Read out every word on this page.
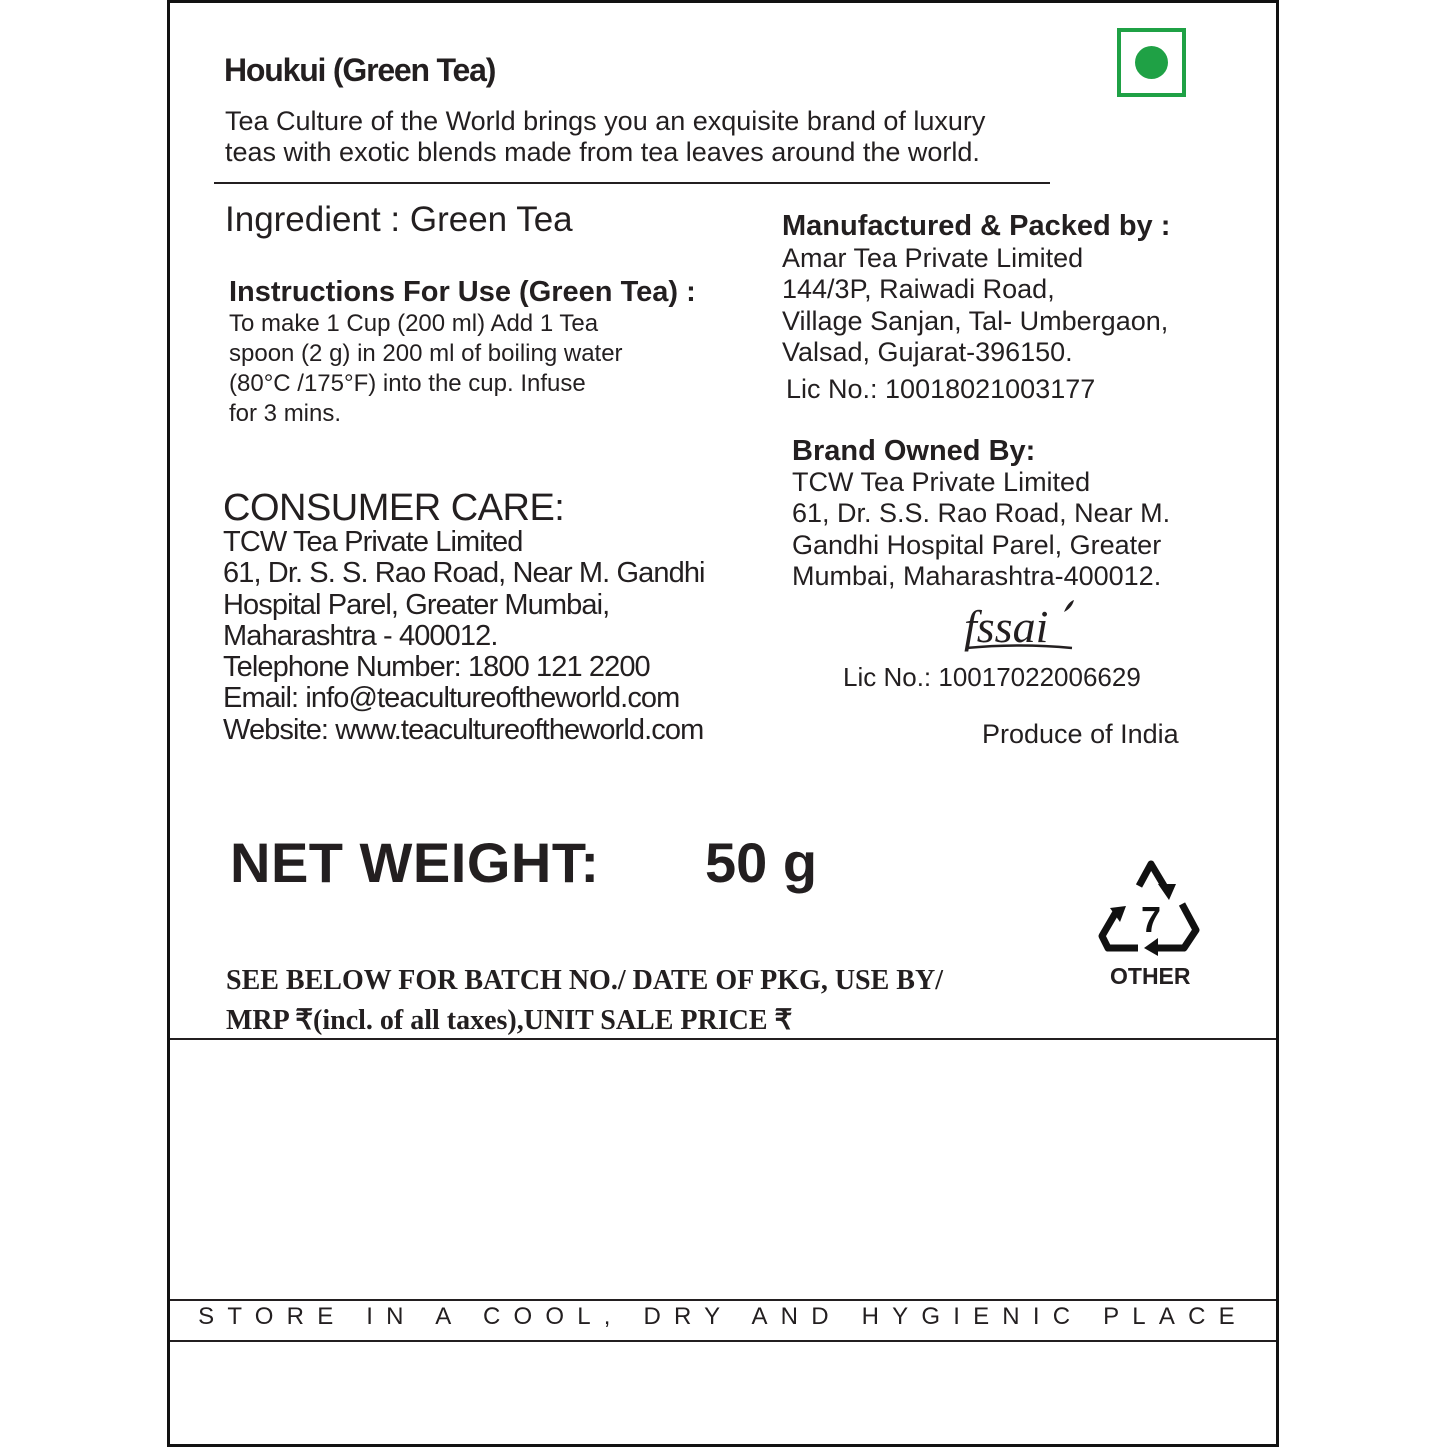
Houkui (Green Tea)
Tea Culture of the World brings you an exquisite brand of luxury
teas with exotic blends made from tea leaves around the world.
Ingredient : Green Tea
Instructions For Use (Green Tea) :
To make 1 Cup (200 ml) Add 1 Tea
spoon (2 g) in 200 ml of boiling water
(80°C /175°F) into the cup. Infuse
for 3 mins.
CONSUMER CARE:
TCW Tea Private Limited
61, Dr. S. S. Rao Road, Near M. Gandhi
Hospital Parel, Greater Mumbai,
Maharashtra - 400012.
Telephone Number: 1800 121 2200
Email: info@teacultureoftheworld.com
Website: www.teacultureoftheworld.com
Manufactured & Packed by :
Amar Tea Private Limited
144/3P, Raiwadi Road,
Village Sanjan, Tal- Umbergaon,
Valsad, Gujarat-396150.
Lic No.: 10018021003177
Brand Owned By:
TCW Tea Private Limited
61, Dr. S.S. Rao Road, Near M.
Gandhi Hospital Parel, Greater
Mumbai, Maharashtra-400012.
fssai
Lic No.: 10017022006629
Produce of India
NET WEIGHT: 50 g
7
OTHER
SEE BELOW FOR BATCH NO./ DATE OF PKG, USE BY/
MRP ₹(incl. of all taxes),UNIT SALE PRICE ₹
STORE IN A COOL, DRY AND HYGIENIC PLACE
